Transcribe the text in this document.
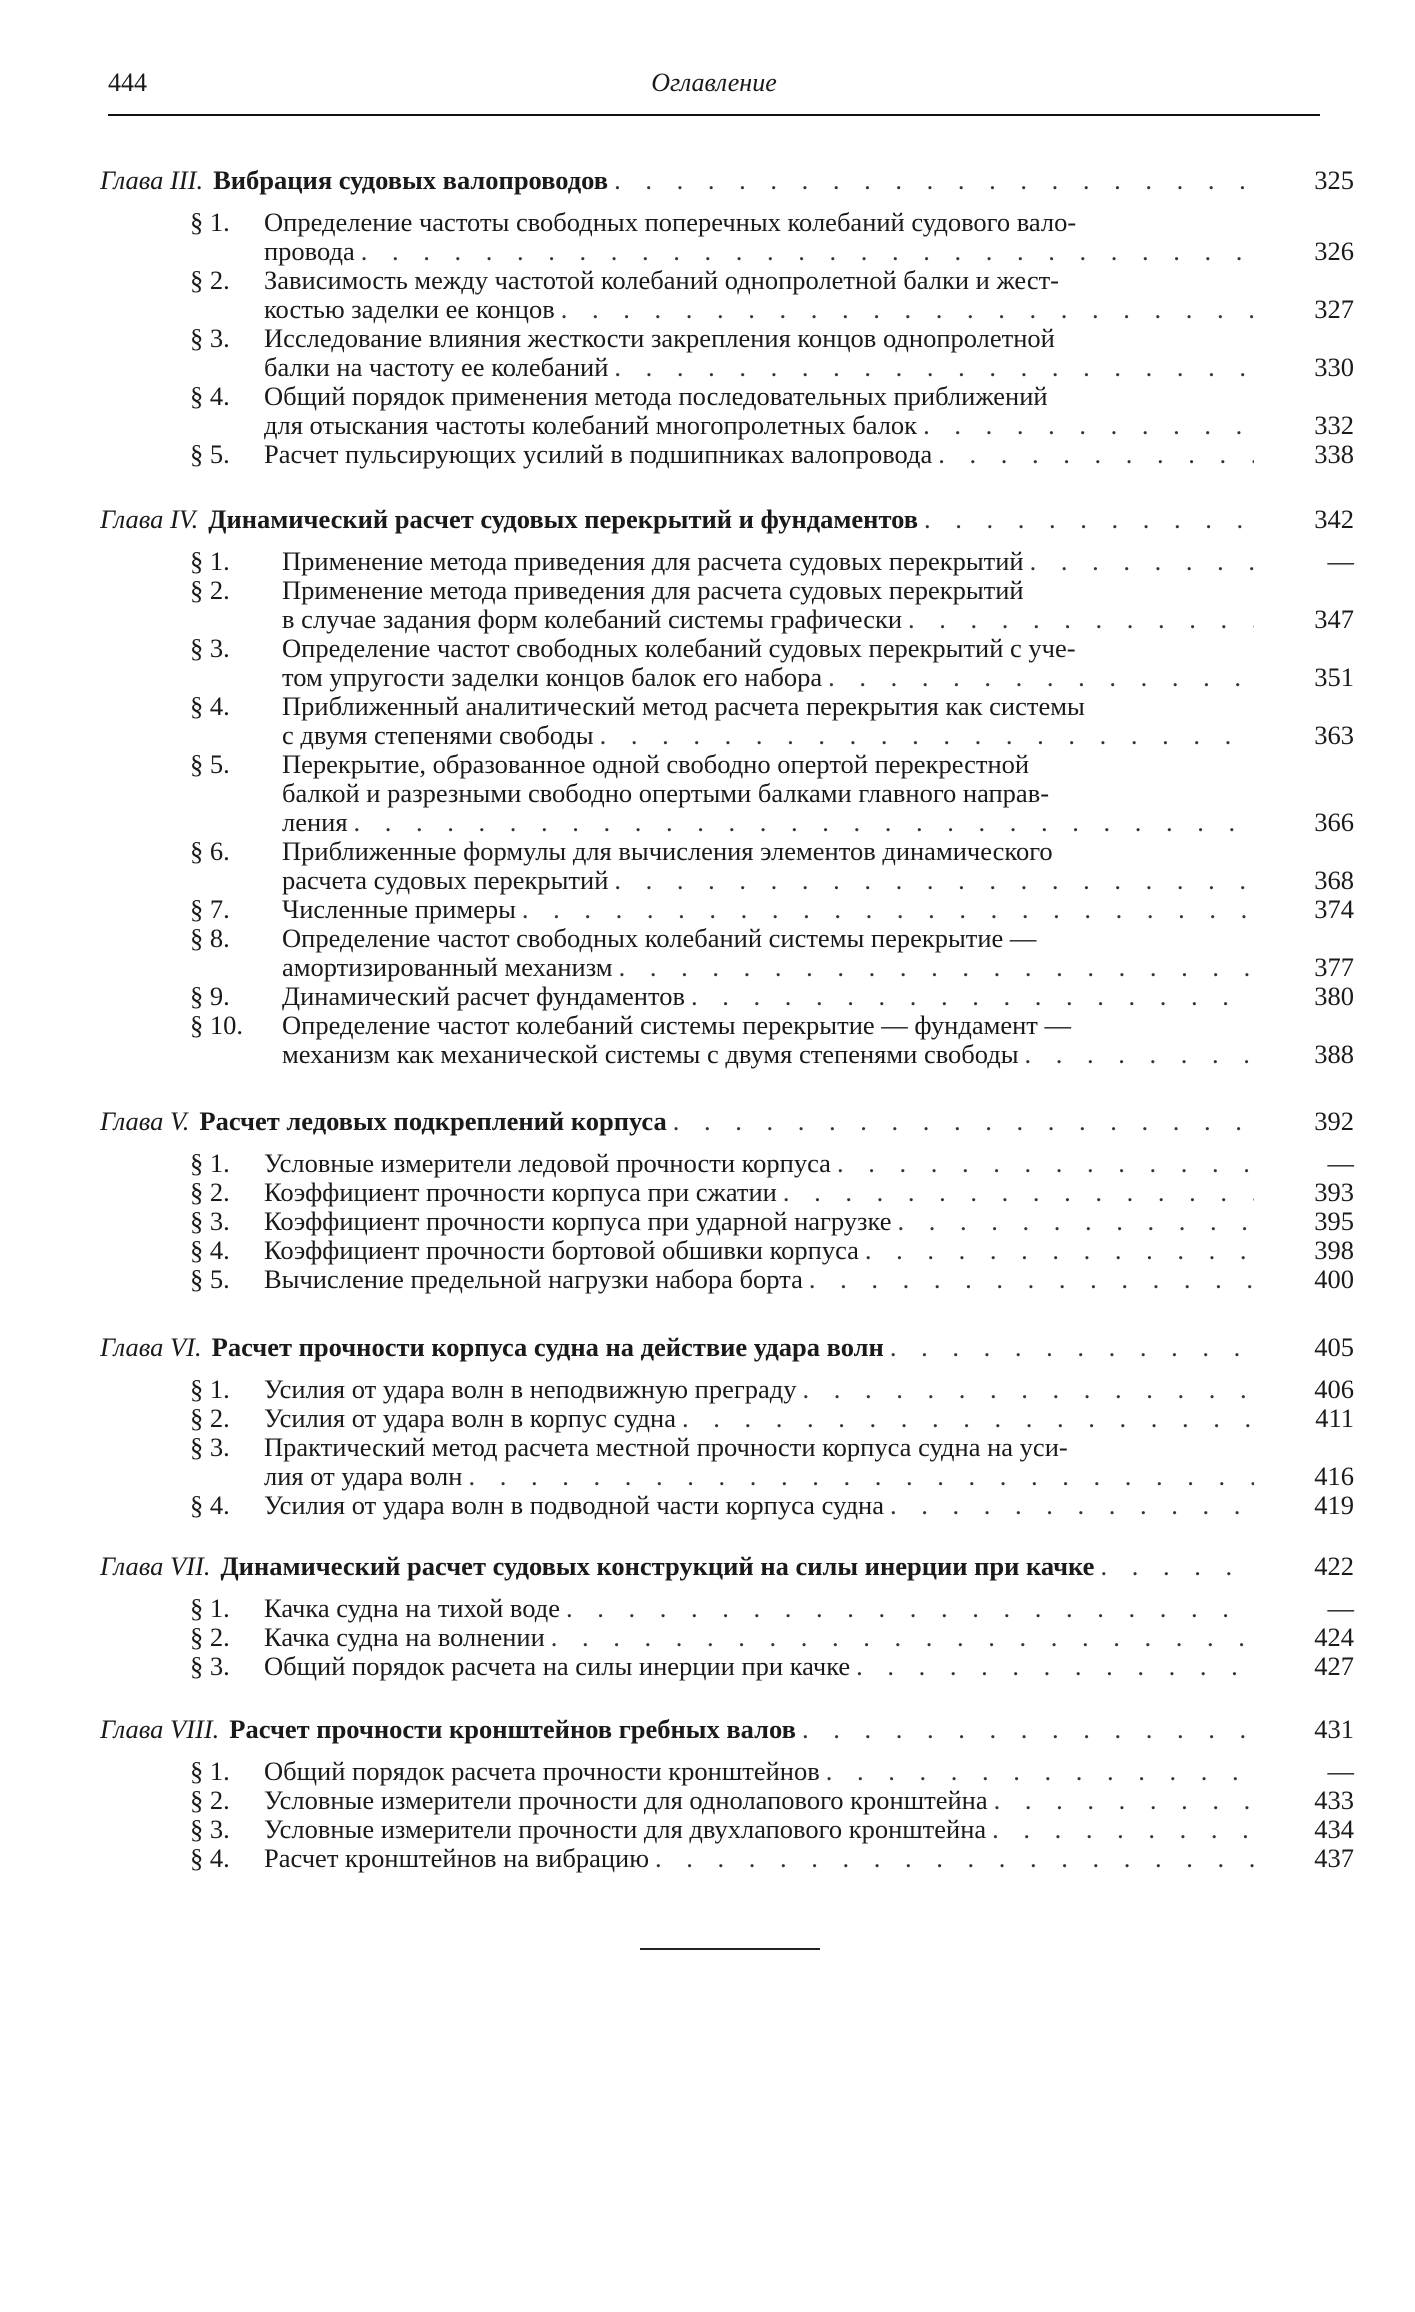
444	Оглавление
Глава III. Вибрация судовых валопроводов . . .	325
§ 1.	Определение частоты свободных поперечных колебаний судового вало-
провода . . .	326
§ 2.	Зависимость между частотой колебаний однопролетной балки и жест-
костью заделки ее концов . . .	327
§ 3.	Исследование влияния жесткости закрепления концов однопролетной
балки на частоту ее колебаний . . .	330
§ 4.	Общий порядок применения метода последовательных приближений
для отыскания частоты колебаний многопролетных балок . . .	332
§ 5.	Расчет пульсирующих усилий в подшипниках валопровода . . .	338
Глава IV. Динамический расчет судовых перекрытий и фундаментов . . .	342
§ 1.	Применение метода приведения для расчета судовых перекрытий . . .	—
§ 2.	Применение метода приведения для расчета судовых перекрытий
в случае задания форм колебаний системы графически . . .	347
§ 3.	Определение частот свободных колебаний судовых перекрытий с уче-
том упругости заделки концов балок его набора . . .	351
§ 4.	Приближенный аналитический метод расчета перекрытия как системы
с двумя степенями свободы . . .	363
§ 5.	Перекрытие, образованное одной свободно опертой перекрестной
балкой и разрезными свободно опертыми балками главного направ-
ления . . .	366
§ 6.	Приближенные формулы для вычисления элементов динамического
расчета судовых перекрытий . . .	368
§ 7.	Численные примеры . . .	374
§ 8.	Определение частот свободных колебаний системы перекрытие —
амортизированный механизм . . .	377
§ 9.	Динамический расчет фундаментов . . .	380
§ 10.	Определение частот колебаний системы перекрытие — фундамент —
механизм как механической системы с двумя степенями свободы . . .	388
Глава V. Расчет ледовых подкреплений корпуса . . .	392
§ 1.	Условные измерители ледовой прочности корпуса . . .	—
§ 2.	Коэффициент прочности корпуса при сжатии . . .	393
§ 3.	Коэффициент прочности корпуса при ударной нагрузке . . .	395
§ 4.	Коэффициент прочности бортовой обшивки корпуса . . .	398
§ 5.	Вычисление предельной нагрузки набора борта . . .	400
Глава VI. Расчет прочности корпуса судна на действие удара волн . . .	405
§ 1.	Усилия от удара волн в неподвижную преграду . . .	406
§ 2.	Усилия от удара волн в корпус судна . . .	411
§ 3.	Практический метод расчета местной прочности корпуса судна на уси-
лия от удара волн . . .	416
§ 4.	Усилия от удара волн в подводной части корпуса судна . . .	419
Глава VII. Динамический расчет судовых конструкций на силы инерции при качке . . .	422
§ 1.	Качка судна на тихой воде . . .	—
§ 2.	Качка судна на волнении . . .	424
§ 3.	Общий порядок расчета на силы инерции при качке . . .	427
Глава VIII. Расчет прочности кронштейнов гребных валов . . .	431
§ 1.	Общий порядок расчета прочности кронштейнов . . .	—
§ 2.	Условные измерители прочности для однолапового кронштейна . . .	433
§ 3.	Условные измерители прочности для двухлапового кронштейна . . .	434
§ 4.	Расчет кронштейнов на вибрацию . . .	437
